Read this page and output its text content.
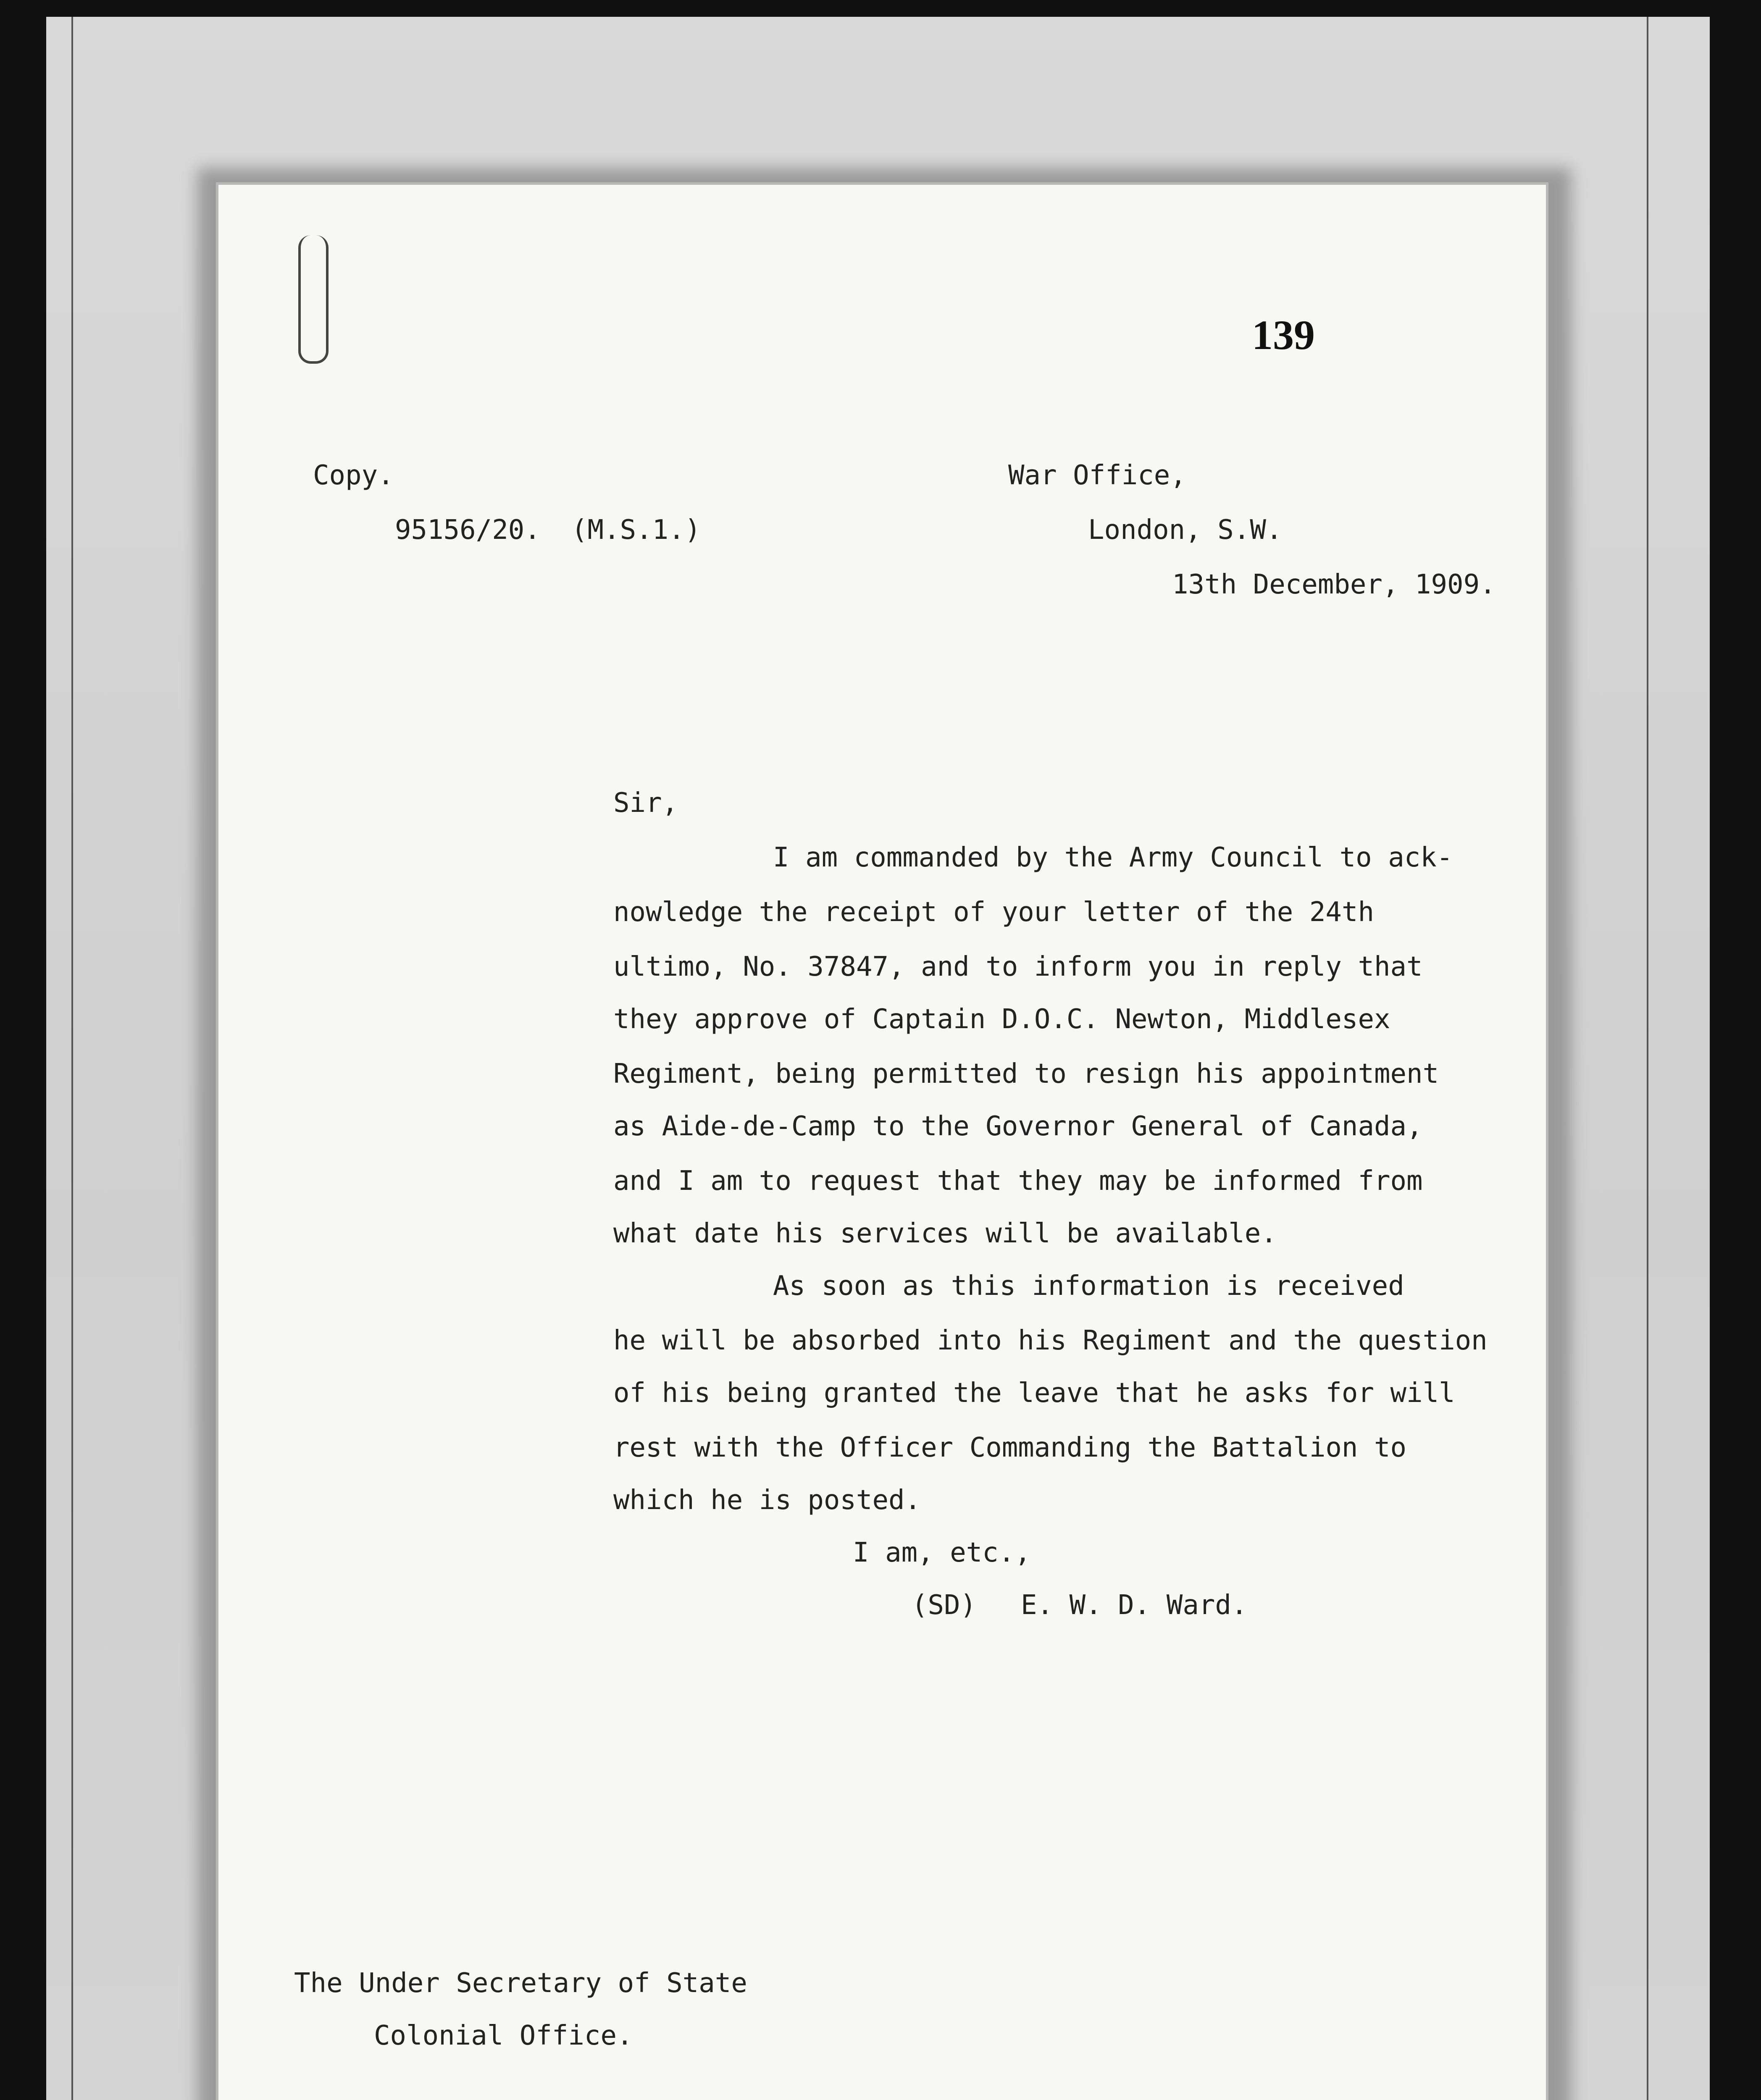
139
Copy.
95156/20. (M.S.1.)
War Office,
London, S.W.
13th December, 1909.
Sir,
I am commanded by the Army Council to ack-
nowledge the receipt of your letter of the 24th
ultimo, No. 37847, and to inform you in reply that
they approve of Captain D.O.C. Newton, Middlesex
Regiment, being permitted to resign his appointment
as Aide-de-Camp to the Governor General of Canada,
and I am to request that they may be informed from
what date his services will be available.
As soon as this information is received
he will be absorbed into his Regiment and the question
of his being granted the leave that he asks for will
rest with the Officer Commanding the Battalion to
which he is posted.
I am, etc.,
(SD) E. W. D. Ward.
The Under Secretary of State
Colonial Office.
